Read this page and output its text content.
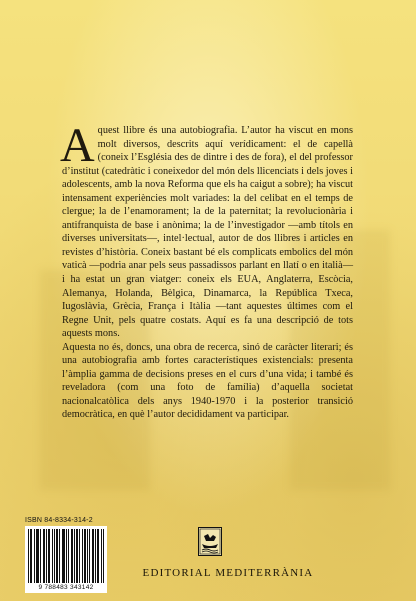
Aquest llibre és una autobiografia. L’autor ha viscut en mons molt diversos, descrits aquí verídicament: el de capellà (coneix l’Església des de dintre i des de fora), el del professor d’institut (catedràtic i coneixedor del món dels llicenciats i dels joves i adolescents, amb la nova Reforma que els ha caigut a sobre); ha viscut intensament experiències molt variades: la del celibat en el temps de clergue; la de l’enamorament; la de la paternitat; la revolucionària i antifranquista de base i anònima; la de l’investigador —amb títols en diverses universitats—, intel·lectual, autor de dos llibres i articles en revistes d’història. Coneix bastant bé els complicats embolics del món vaticà —podria anar pels seus passadissos parlant en llatí o en italià— i ha estat un gran viatger: coneix els EUA, Anglaterra, Escòcia, Alemanya, Holanda, Bèlgica, Dinamarca, la República Txeca, Iugoslàvia, Grècia, França i Itàlia —tant aquestes últimes com el Regne Unit, pels quatre costats. Aquí es fa una descripció de tots aquests mons.

Aquesta no és, doncs, una obra de recerca, sinó de caràcter literari; és una autobiografia amb fortes característiques existencials: presenta l’àmplia gamma de decisions preses en el curs d’una vida; i també és reveladora (com una foto de família) d’aquella societat nacionalcatòlica dels anys 1940-1970 i la posterior transició democràtica, en què l’autor decididament va participar.

ISBN 84-8334-314-2
9 788483 343142
EDITORIAL MEDITERRÀNIA
